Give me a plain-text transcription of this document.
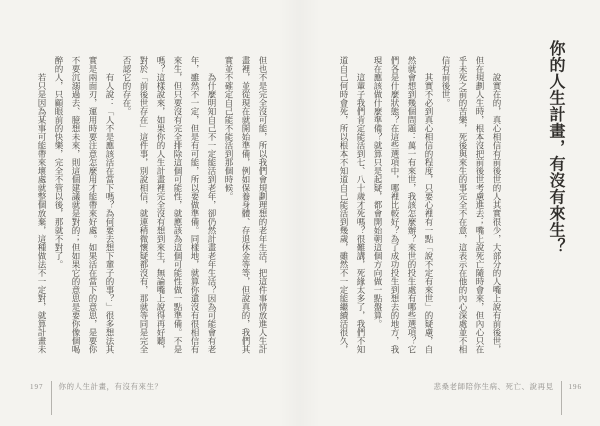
你的人生計畫，有沒有來生？
說實在的，真心相信有前後世的人其實很少，大部分的人嘴上說有前後世，
但在規劃人生時，根本沒把前後世考慮進去；嘴上說死亡隨時會來，但內心只在
乎未死之前的苦樂，死後與來生的事完全不在意，這表示在他的內心深處並不相
信有前後世。
其實不必到真心相信的程度，只要心裡有一點「說不定有來世」的疑慮，自
然就會想到幾個問題：萬一有來世，我該怎麼辦？來世的投生處有哪些選項？它
們各是什麼狀態？在這些選項中，哪裡比較好？為了成功投生到想去的地方，我
現在應該做什麼準備？就算只是起疑，都會開始朝這個方向做一點盤算。
這輩子我們肯定能活到七、八十歲才死嗎？很難講，死緣太多了，我們不知
道自己何時會死，所以根本不知道自己能活到幾歲，雖然不一定能繼續活很久，
悲桑老師陪你生病、死亡、說再見 196
但也不是完全沒可能，所以我們會規劃理想的老年生活，把這件事情放進人生計
畫裡，並從現在就開始準備，例如保養身體、存退休金等等，但說真的，我們其
實並不確定自己能不能活到那個時候。
為什麼明知自己不一定能活到老年，卻仍然計畫老年生活？因為可能會有老
年，雖然不一定，但是有可能，所以要做準備。同樣地，就算你還沒有很相信有
來生，但只要沒有完全排除這個可能性，就應該為這個可能性做一點準備。不是
嗎？這樣說來，如果你的人生計畫裡完全沒有想到來生，無論嘴上說得再好聽，
對於「前後世存在」這件事，別說相信，就連稍微懷疑都沒有，那就等同是完全
否認它的存在。
有人說：「人不是應該活在當下嗎？為何要去想下輩子的事？」很多想法其
實是兩面刃，運用時要注意怎麼用才能帶來好處。如果活在當下的意思，是要你
不要沉溺過去、臆想未來，則這個建議就是對的；但如果它的意思是要你像個喝
醉的人，只顧眼前的快樂，完全不管以後，那就不對了。
若只是因為某事可能帶來壞處就整個放棄，這種做法不一定對，就算計畫未
197 你的人生計畫，有沒有來生？
